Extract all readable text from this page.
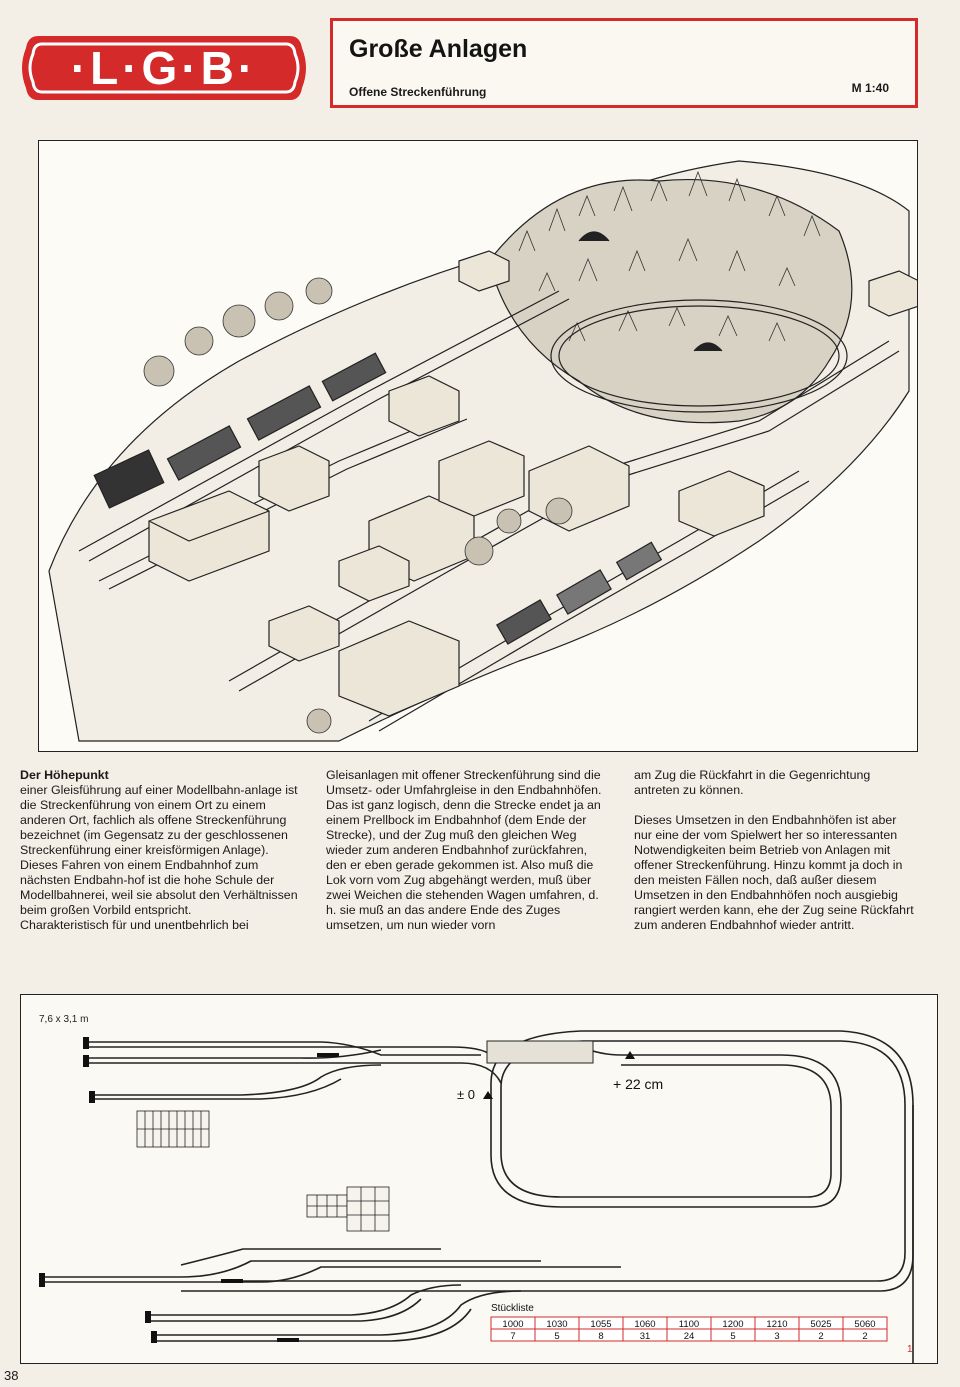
·L·G·B·	Große Anlagen
Offene Streckenführung	M 1:40
Der Höhepunkt
einer Gleisführung auf einer Modellbahn-anlage ist die Streckenführung von einem Ort zu einem anderen Ort, fachlich als offene Streckenführung bezeichnet (im Gegensatz zu der geschlossenen Streckenführung einer kreisförmigen Anlage). Dieses Fahren von einem Endbahnhof zum nächsten Endbahn-hof ist die hohe Schule der Modellbahnerei, weil sie absolut den Verhältnissen beim großen Vorbild entspricht.
Charakteristisch für und unentbehrlich bei
Gleisanlagen mit offener Streckenführung sind die Umsetz- oder Umfahrgleise in den Endbahnhöfen. Das ist ganz logisch, denn die Strecke endet ja an einem Prellbock im Endbahnhof (dem Ende der Strecke), und der Zug muß den gleichen Weg wieder zum anderen Endbahnhof zurückfahren, den er eben gerade gekommen ist. Also muß die Lok vorn vom Zug abgehängt werden, muß über zwei Weichen die stehenden Wagen umfahren, d. h. sie muß an das andere Ende des Zuges umsetzen, um nun wieder vorn
am Zug die Rückfahrt in die Gegenrichtung antreten zu können.
Dieses Umsetzen in den Endbahnhöfen ist aber nur eine der vom Spielwert her so interessanten Notwendigkeiten beim Betrieb von Anlagen mit offener Streckenführung. Hinzu kommt ja doch in den meisten Fällen noch, daß außer diesem Umsetzen in den Endbahnhöfen noch ausgiebig rangiert werden kann, ehe der Zug seine Rückfahrt zum anderen Endbahnhof wieder antritt.
7,6 x 3,1 m
± 0
+ 22 cm
Stückliste
1000 1030 1055 1060 1100 1200 1210 5025 5060
7	5	8	31	24	5	3	2	2
1
38
